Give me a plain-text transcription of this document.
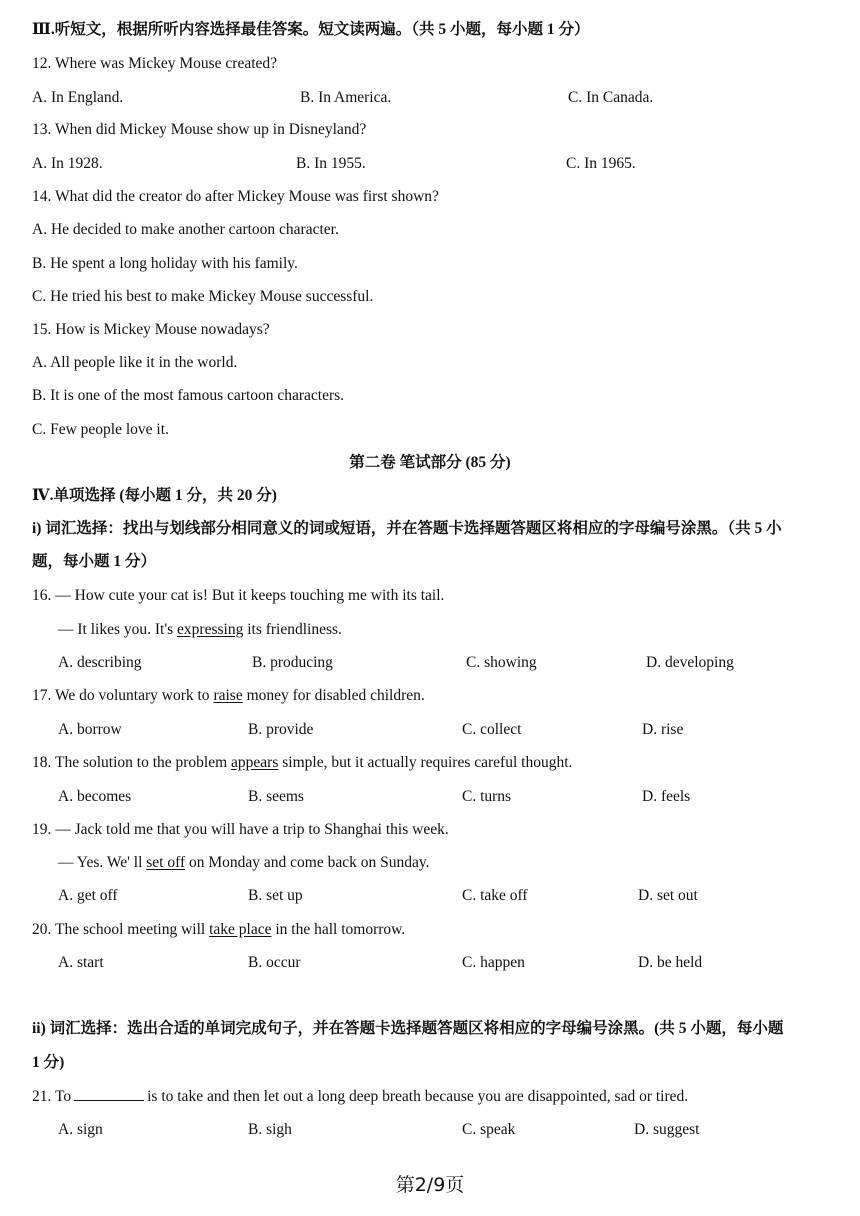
Ⅲ.听短文，根据所听内容选择最佳答案。短文读两遍。（共 5 小题，每小题 1 分）
12. Where was Mickey Mouse created?
A. In England.	B. In America.	C. In Canada.
13. When did Mickey Mouse show up in Disneyland?
A. In 1928.	B. In 1955.	C. In 1965.
14. What did the creator do after Mickey Mouse was first shown?
A. He decided to make another cartoon character.
B. He spent a long holiday with his family.
C. He tried his best to make Mickey Mouse successful.
15. How is Mickey Mouse nowadays?
A. All people like it in the world.
B. It is one of the most famous cartoon characters.
C. Few people love it.
第二卷 笔试部分 (85 分)
Ⅳ.单项选择 (每小题 1 分，共 20 分)
i) 词汇选择：找出与划线部分相同意义的词或短语，并在答题卡选择题答题区将相应的字母编号涂黑。（共 5 小
题，每小题 1 分）
16. — How cute your cat is! But it keeps touching me with its tail.
— It likes you. It's expressing its friendliness.
A. describing	B. producing	C. showing	D. developing
17. We do voluntary work to raise money for disabled children.
A. borrow	B. provide	C. collect	D. rise
18. The solution to the problem appears simple, but it actually requires careful thought.
A. becomes	B. seems	C. turns	D. feels
19. — Jack told me that you will have a trip to Shanghai this week.
— Yes. We' ll set off on Monday and come back on Sunday.
A. get off	B. set up	C. take off	D. set out
20. The school meeting will take place in the hall tomorrow.
A. start	B. occur	C. happen	D. be held
ii) 词汇选择：选出合适的单词完成句子，并在答题卡选择题答题区将相应的字母编号涂黑。(共 5 小题，每小题
1 分)
21. To	is to take and then let out a long deep breath because you are disappointed, sad or tired.
A. sign	B. sigh	C. speak	D. suggest
第2/9页
